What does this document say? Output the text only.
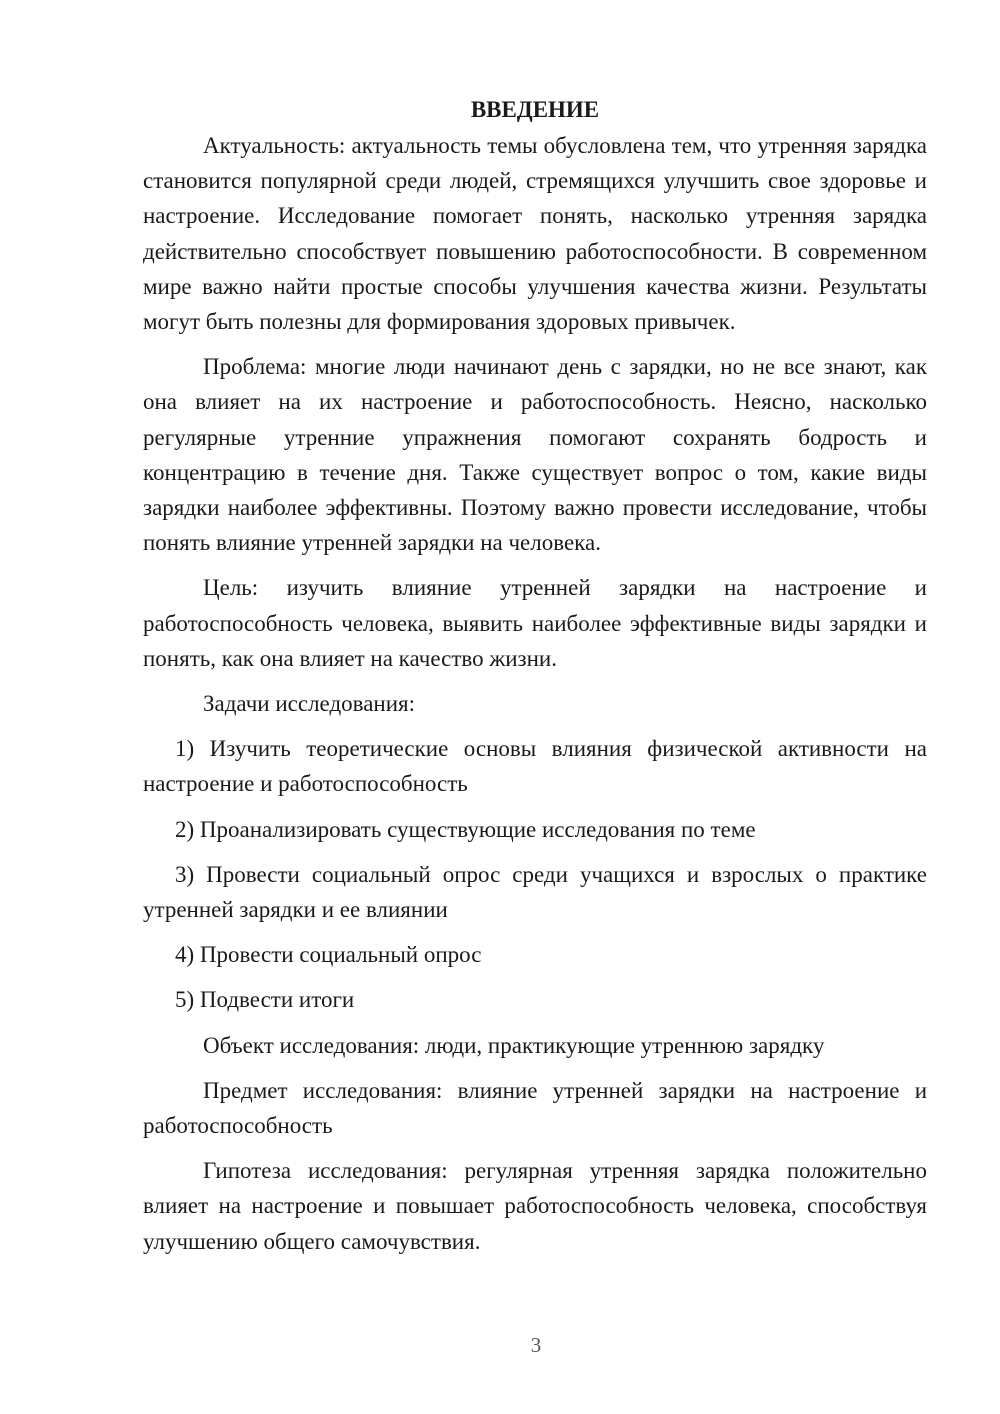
ВВЕДЕНИЕ

Актуальность: актуальность темы обусловлена тем, что утренняя зарядка становится популярной среди людей, стремящихся улучшить свое здоровье и настроение. Исследование помогает понять, насколько утренняя зарядка действительно способствует повышению работоспособности. В современном мире важно найти простые способы улучшения качества жизни. Результаты могут быть полезны для формирования здоровых привычек.

Проблема: многие люди начинают день с зарядки, но не все знают, как она влияет на их настроение и работоспособность. Неясно, насколько регулярные утренние упражнения помогают сохранять бодрость и концентрацию в течение дня. Также существует вопрос о том, какие виды зарядки наиболее эффективны. Поэтому важно провести исследование, чтобы понять влияние утренней зарядки на человека.

Цель: изучить влияние утренней зарядки на настроение и работоспособность человека, выявить наиболее эффективные виды зарядки и понять, как она влияет на качество жизни.

Задачи исследования:

1) Изучить теоретические основы влияния физической активности на настроение и работоспособность

2) Проанализировать существующие исследования по теме

3) Провести социальный опрос среди учащихся и взрослых о практике утренней зарядки и ее влиянии

4) Провести социальный опрос

5) Подвести итоги

Объект исследования: люди, практикующие утреннюю зарядку

Предмет исследования: влияние утренней зарядки на настроение и работоспособность

Гипотеза исследования: регулярная утренняя зарядка положительно влияет на настроение и повышает работоспособность человека, способствуя улучшению общего самочувствия.

3
